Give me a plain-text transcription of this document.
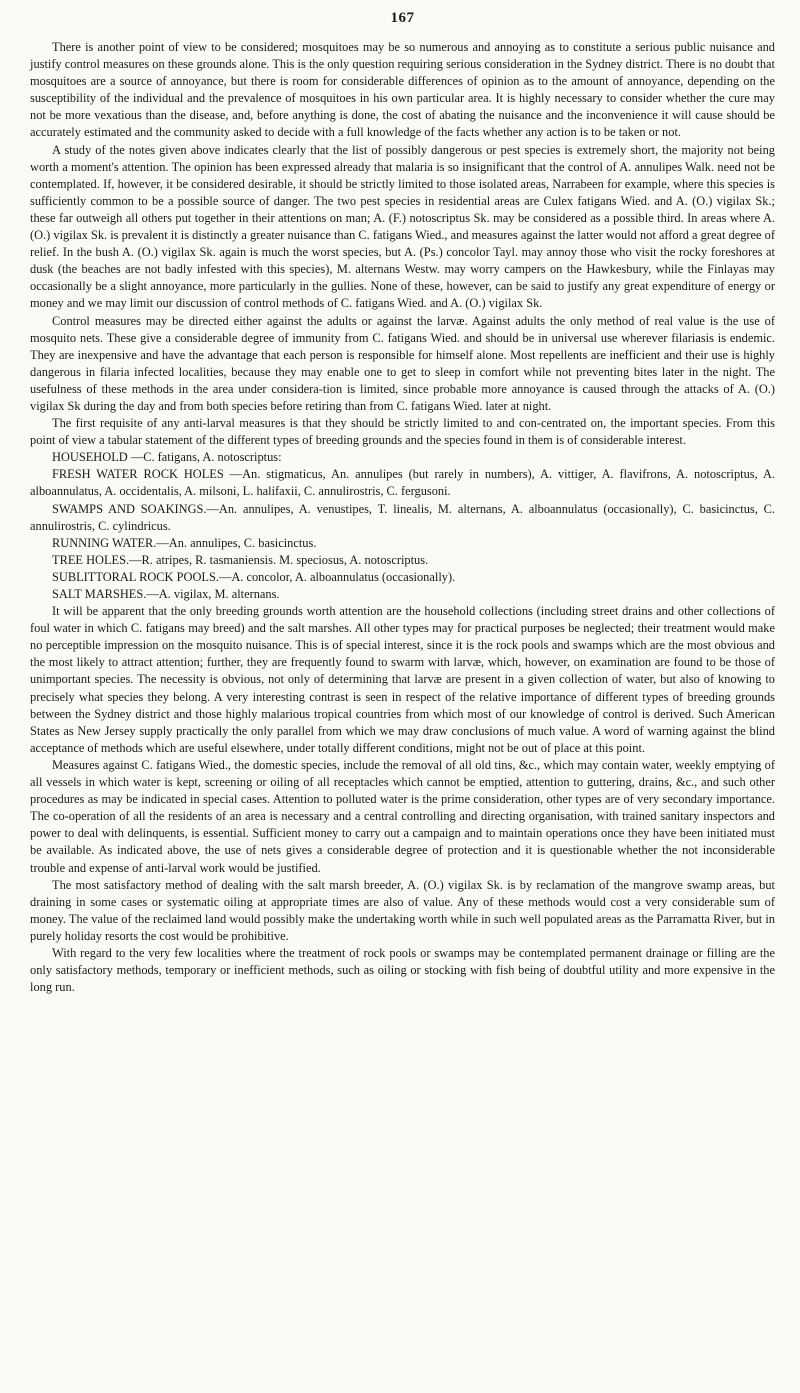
167

There is another point of view to be considered; mosquitoes may be so numerous and annoying as to constitute a serious public nuisance and justify control measures on these grounds alone. This is the only question requiring serious consideration in the Sydney district. There is no doubt that mosquitoes are a source of annoyance, but there is room for considerable differences of opinion as to the amount of annoyance, depending on the susceptibility of the individual and the prevalence of mosquitoes in his own particular area. It is highly necessary to consider whether the cure may not be more vexatious than the disease, and, before anything is done, the cost of abating the nuisance and the inconvenience it will cause should be accurately estimated and the community asked to decide with a full knowledge of the facts whether any action is to be taken or not.

A study of the notes given above indicates clearly that the list of possibly dangerous or pest species is extremely short, the majority not being worth a moment's attention. The opinion has been expressed already that malaria is so insignificant that the control of A. annulipes Walk. need not be contemplated. If, however, it be considered desirable, it should be strictly limited to those isolated areas, Narrabeen for example, where this species is sufficiently common to be a possible source of danger. The two pest species in residential areas are Culex fatigans Wied. and A. (O.) vigilax Sk.; these far outweigh all others put together in their attentions on man; A. (F.) notoscriptus Sk. may be considered as a possible third. In areas where A. (O.) vigilax Sk. is prevalent it is distinctly a greater nuisance than C. fatigans Wied., and measures against the latter would not afford a great degree of relief. In the bush A. (O.) vigilax Sk. again is much the worst species, but A. (Ps.) concolor Tayl. may annoy those who visit the rocky foreshores at dusk (the beaches are not badly infested with this species), M. alternans Westw. may worry campers on the Hawkesbury, while the Finlayas may occasionally be a slight annoyance, more particularly in the gullies. None of these, however, can be said to justify any great expenditure of energy or money and we may limit our discussion of control methods of C. fatigans Wied. and A. (O.) vigilax Sk.

Control measures may be directed either against the adults or against the larvæ. Against adults the only method of real value is the use of mosquito nets. These give a considerable degree of immunity from C. fatigans Wied. and should be in universal use wherever filariasis is endemic. They are inexpensive and have the advantage that each person is responsible for himself alone. Most repellents are inefficient and their use is highly dangerous in filaria infected localities, because they may enable one to get to sleep in comfort while not preventing bites later in the night. The usefulness of these methods in the area under considera-tion is limited, since probable more annoyance is caused through the attacks of A. (O.) vigilax Sk during the day and from both species before retiring than from C. fatigans Wied. later at night.

The first requisite of any anti-larval measures is that they should be strictly limited to and con-centrated on, the important species. From this point of view a tabular statement of the different types of breeding grounds and the species found in them is of considerable interest.

HOUSEHOLD —C. fatigans, A. notoscriptus:

FRESH WATER ROCK HOLES —An. stigmaticus, An. annulipes (but rarely in numbers), A. vittiger, A. flavifrons, A. notoscriptus, A. alboannulatus, A. occidentalis, A. milsoni, L. halifaxii, C. annulirostris, C. fergusoni.

SWAMPS AND SOAKINGS.—An. annulipes, A. venustipes, T. linealis, M. alternans, A. alboannulatus (occasionally), C. basicinctus, C. annulirostris, C. cylindricus.

RUNNING WATER.—An. annulipes, C. basicinctus.

TREE HOLES.—R. atripes, R. tasmaniensis. M. speciosus, A. notoscriptus.

SUBLITTORAL ROCK POOLS.—A. concolor, A. alboannulatus (occasionally).

SALT MARSHES.—A. vigilax, M. alternans.

It will be apparent that the only breeding grounds worth attention are the household collections (including street drains and other collections of foul water in which C. fatigans may breed) and the salt marshes. All other types may for practical purposes be neglected; their treatment would make no perceptible impression on the mosquito nuisance. This is of special interest, since it is the rock pools and swamps which are the most obvious and the most likely to attract attention; further, they are frequently found to swarm with larvæ, which, however, on examination are found to be those of unimportant species. The necessity is obvious, not only of determining that larvæ are present in a given collection of water, but also of knowing to precisely what species they belong. A very interesting contrast is seen in respect of the relative importance of different types of breeding grounds between the Sydney district and those highly malarious tropical countries from which most of our knowledge of control is derived. Such American States as New Jersey supply practically the only parallel from which we may draw conclusions of much value. A word of warning against the blind acceptance of methods which are useful elsewhere, under totally different conditions, might not be out of place at this point.

Measures against C. fatigans Wied., the domestic species, include the removal of all old tins, &c., which may contain water, weekly emptying of all vessels in which water is kept, screening or oiling of all receptacles which cannot be emptied, attention to guttering, drains, &c., and such other procedures as may be indicated in special cases. Attention to polluted water is the prime consideration, other types are of very secondary importance. The co-operation of all the residents of an area is necessary and a central controlling and directing organisation, with trained sanitary inspectors and power to deal with delinquents, is essential. Sufficient money to carry out a campaign and to maintain operations once they have been initiated must be available. As indicated above, the use of nets gives a considerable degree of protection and it is questionable whether the not inconsiderable trouble and expense of anti-larval work would be justified.

The most satisfactory method of dealing with the salt marsh breeder, A. (O.) vigilax Sk. is by reclamation of the mangrove swamp areas, but draining in some cases or systematic oiling at appropriate times are also of value. Any of these methods would cost a very considerable sum of money. The value of the reclaimed land would possibly make the undertaking worth while in such well populated areas as the Parramatta River, but in purely holiday resorts the cost would be prohibitive.

With regard to the very few localities where the treatment of rock pools or swamps may be contemplated permanent drainage or filling are the only satisfactory methods, temporary or inefficient methods, such as oiling or stocking with fish being of doubtful utility and more expensive in the long run.
